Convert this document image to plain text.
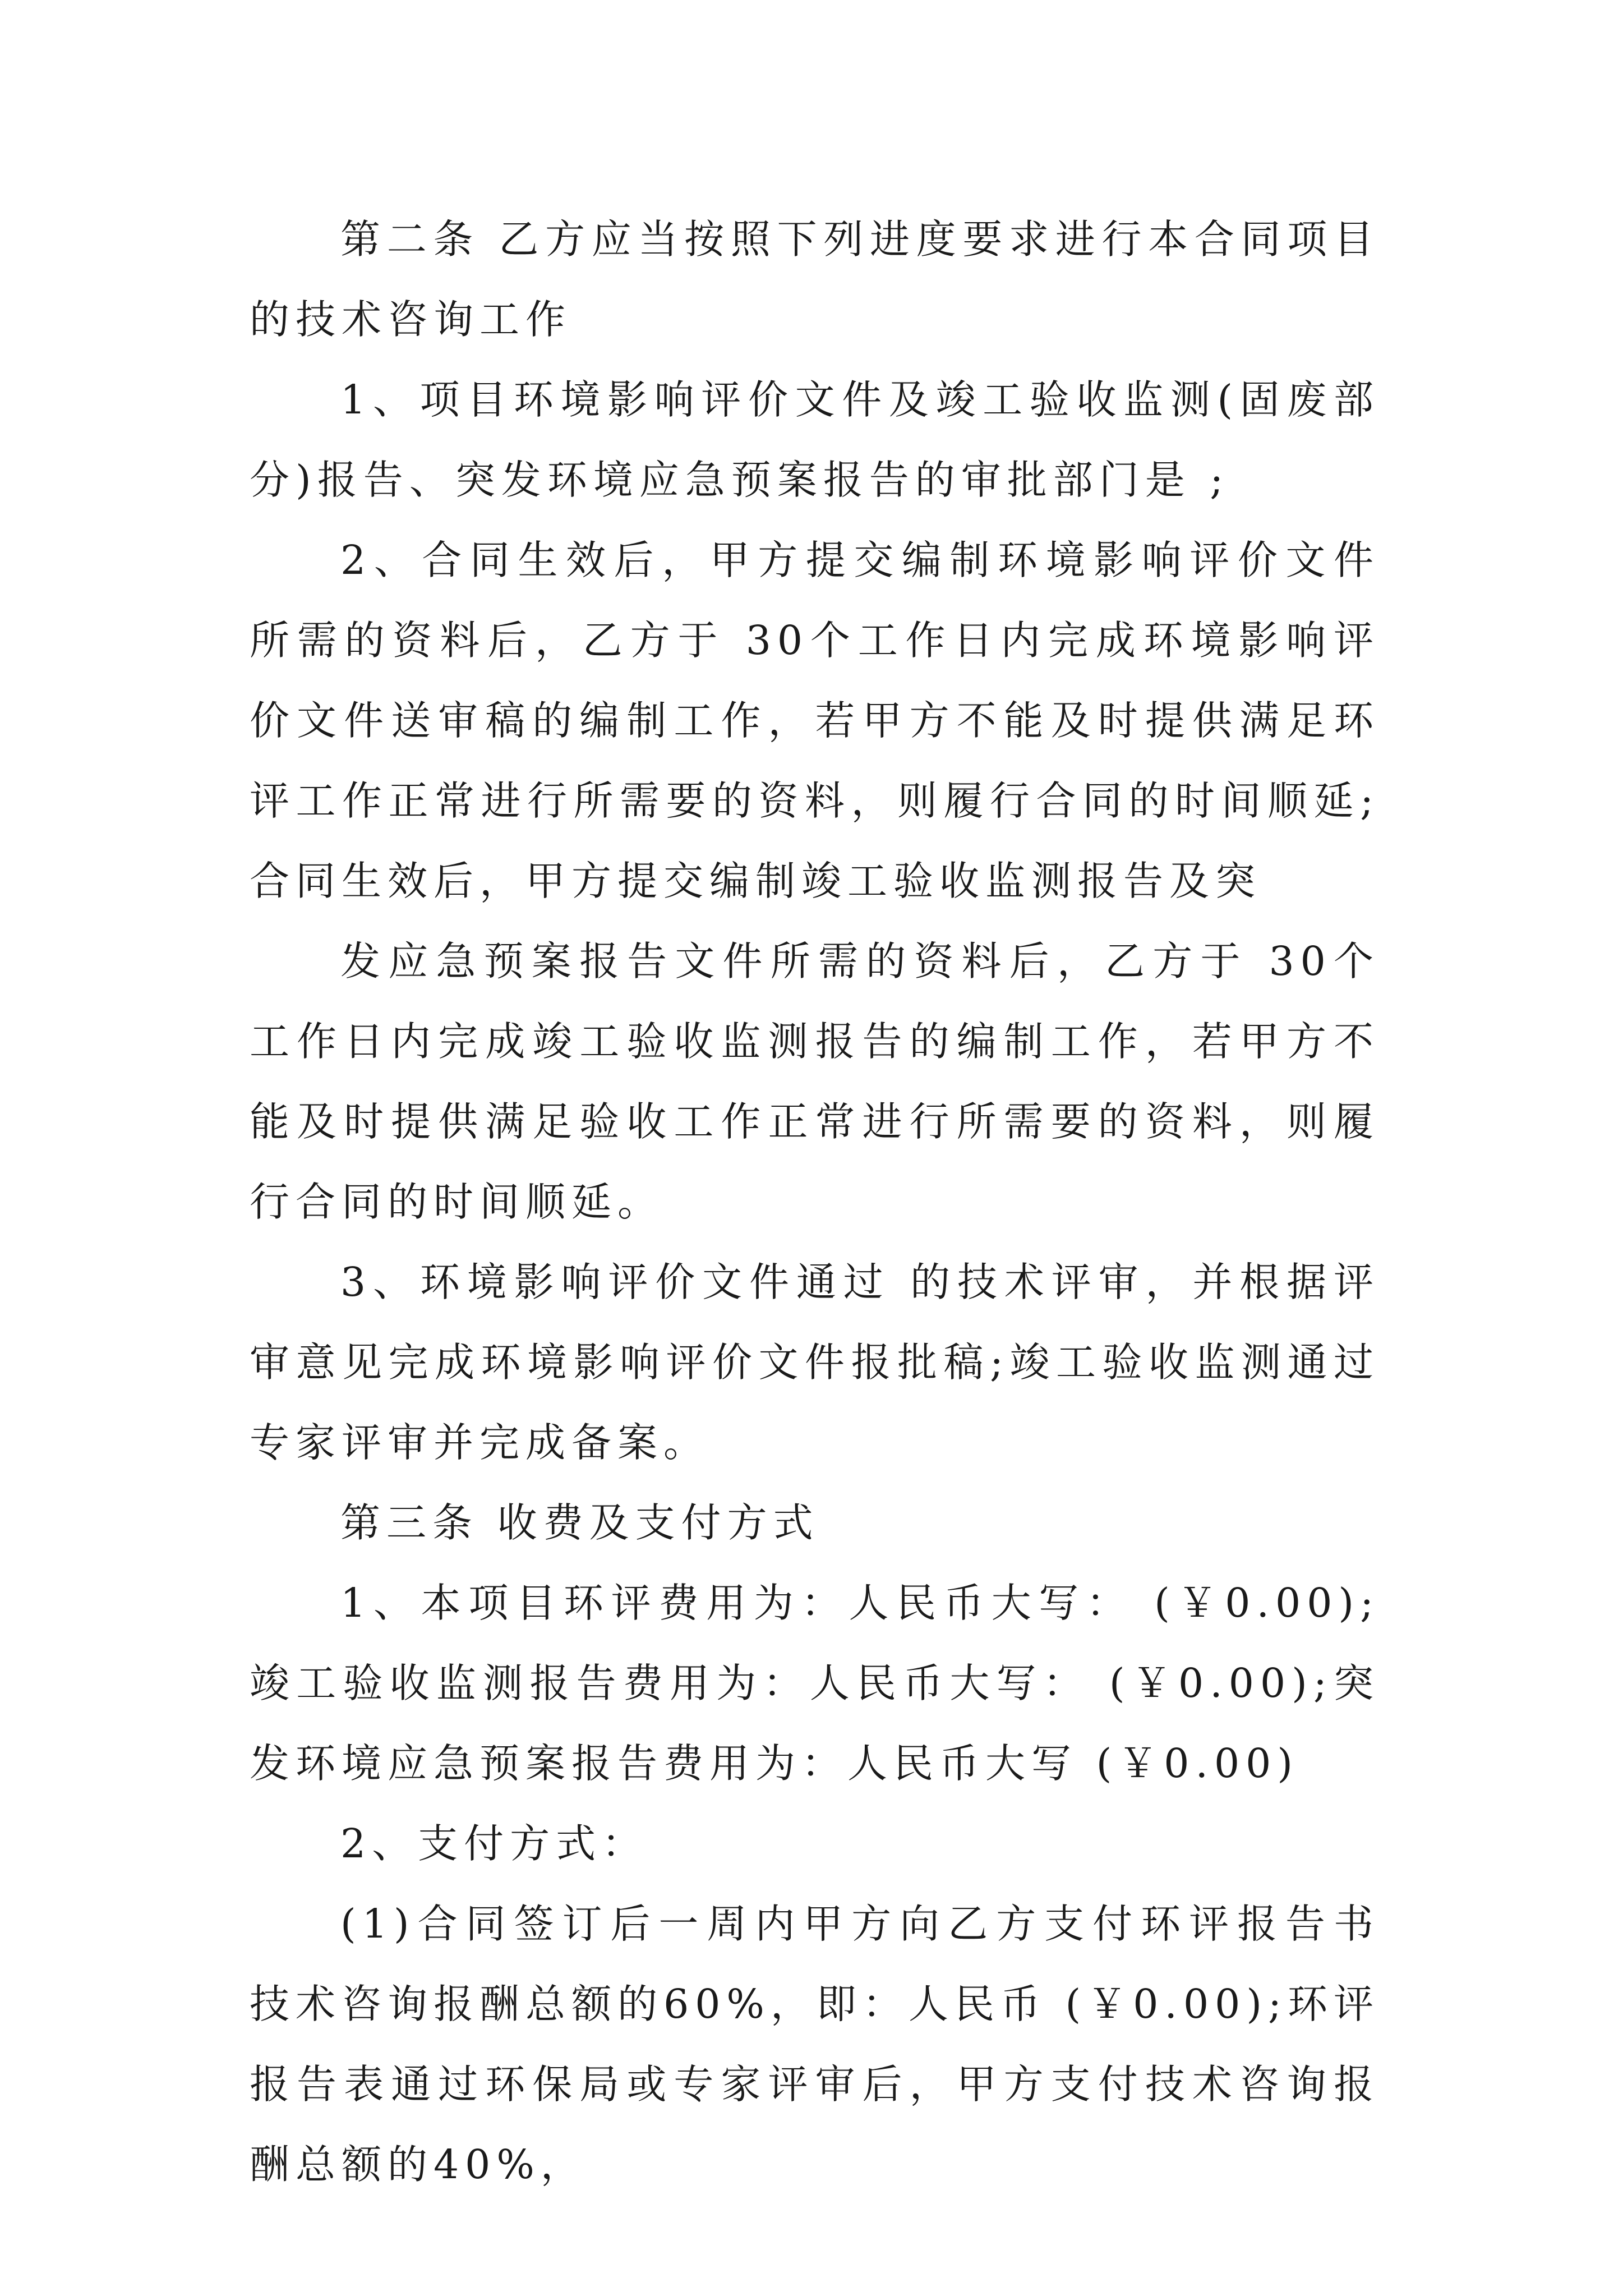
第二条 乙方应当按照下列进度要求进行本合同项目的技术咨询工作

1、项目环境影响评价文件及竣工验收监测(固废部分)报告、突发环境应急预案报告的审批部门是 ;

2、合同生效后，甲方提交编制环境影响评价文件所需的资料后，乙方于 30个工作日内完成环境影响评价文件送审稿的编制工作，若甲方不能及时提供满足环评工作正常进行所需要的资料，则履行合同的时间顺延;合同生效后，甲方提交编制竣工验收监测报告及突

发应急预案报告文件所需的资料后，乙方于 30个工作日内完成竣工验收监测报告的编制工作，若甲方不能及时提供满足验收工作正常进行所需要的资料，则履行合同的时间顺延。

3、环境影响评价文件通过 的技术评审，并根据评审意见完成环境影响评价文件报批稿;竣工验收监测通过专家评审并完成备案。

第三条 收费及支付方式

1、本项目环评费用为：人民币大写： (￥0.00);竣工验收监测报告费用为：人民币大写： (￥0.00);突发环境应急预案报告费用为：人民币大写 (￥0.00)

2、支付方式：

(1)合同签订后一周内甲方向乙方支付环评报告书技术咨询报酬总额的60%，即：人民币 (￥0.00);环评报告表通过环保局或专家评审后，甲方支付技术咨询报酬总额的40%，
